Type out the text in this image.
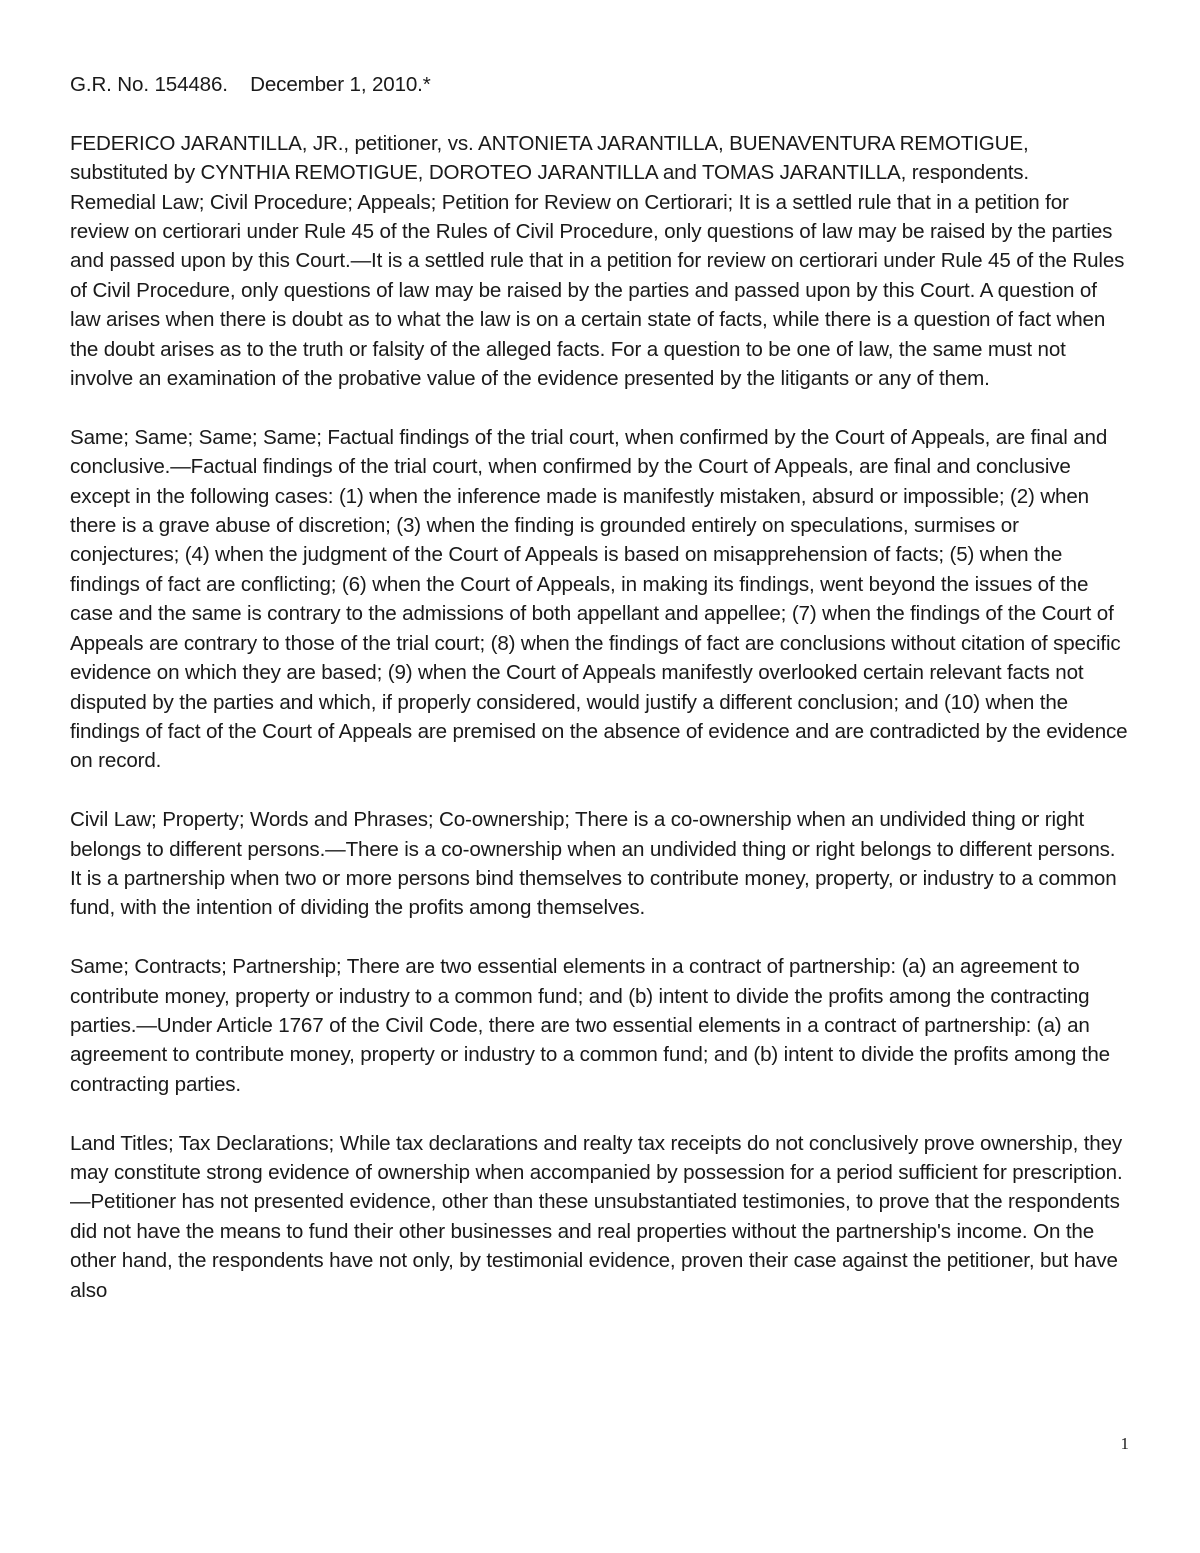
G.R. No. 154486.    December 1, 2010.*

FEDERICO JARANTILLA, JR., petitioner, vs. ANTONIETA JARANTILLA, BUENAVENTURA REMOTIGUE, substituted by CYNTHIA REMOTIGUE, DOROTEO JARANTILLA and TOMAS JARANTILLA, respondents.

Remedial Law; Civil Procedure; Appeals; Petition for Review on Certiorari; It is a settled rule that in a petition for review on certiorari under Rule 45 of the Rules of Civil Procedure, only questions of law may be raised by the parties and passed upon by this Court.—It is a settled rule that in a petition for review on certiorari under Rule 45 of the Rules of Civil Procedure, only questions of law may be raised by the parties and passed upon by this Court. A question of law arises when there is doubt as to what the law is on a certain state of facts, while there is a question of fact when the doubt arises as to the truth or falsity of the alleged facts. For a question to be one of law, the same must not involve an examination of the probative value of the evidence presented by the litigants or any of them.

Same; Same; Same; Same; Factual findings of the trial court, when confirmed by the Court of Appeals, are final and conclusive.—Factual findings of the trial court, when confirmed by the Court of Appeals, are final and conclusive except in the following cases: (1) when the inference made is manifestly mistaken, absurd or impossible; (2) when there is a grave abuse of discretion; (3) when the finding is grounded entirely on speculations, surmises or conjectures; (4) when the judgment of the Court of Appeals is based on misapprehension of facts; (5) when the findings of fact are conflicting; (6) when the Court of Appeals, in making its findings, went beyond the issues of the case and the same is contrary to the admissions of both appellant and appellee; (7) when the findings of the Court of Appeals are contrary to those of the trial court; (8) when the findings of fact are conclusions without citation of specific evidence on which they are based; (9) when the Court of Appeals manifestly overlooked certain relevant facts not disputed by the parties and which, if properly considered, would justify a different conclusion; and (10) when the findings of fact of the Court of Appeals are premised on the absence of evidence and are contradicted by the evidence on record.

Civil Law; Property; Words and Phrases; Co-ownership; There is a co-ownership when an undivided thing or right belongs to different persons.—There is a co-ownership when an undivided thing or right belongs to different persons. It is a partnership when two or more persons bind themselves to contribute money, property, or industry to a common fund, with the intention of dividing the profits among themselves.

Same; Contracts; Partnership; There are two essential elements in a contract of partnership: (a) an agreement to contribute money, property or industry to a common fund; and (b) intent to divide the profits among the contracting parties.—Under Article 1767 of the Civil Code, there are two essential elements in a contract of partnership: (a) an agreement to contribute money, property or industry to a common fund; and (b) intent to divide the profits among the contracting parties.

Land Titles; Tax Declarations; While tax declarations and realty tax receipts do not conclusively prove ownership, they may constitute strong evidence of ownership when accompanied by possession for a period sufficient for prescription.—Petitioner has not presented evidence, other than these unsubstantiated testimonies, to prove that the respondents did not have the means to fund their other businesses and real properties without the partnership's income. On the other hand, the respondents have not only, by testimonial evidence, proven their case against the petitioner, but have also

1
